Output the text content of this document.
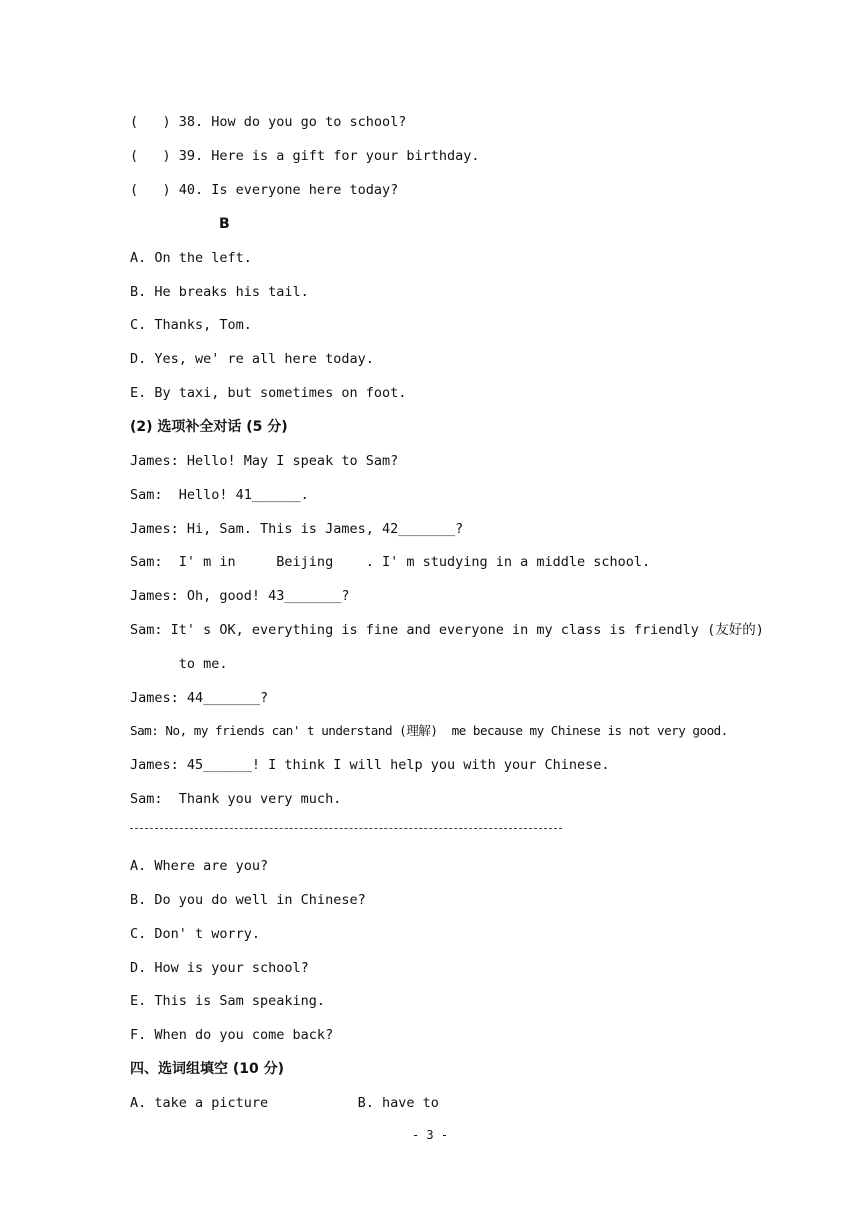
(   ) 38. How do you go to school?
(   ) 39. Here is a gift for your birthday.
(   ) 40. Is everyone here today?
B
A. On the left.
B. He breaks his tail.
C. Thanks, Tom.
D. Yes, we' re all here today.
E. By taxi, but sometimes on foot.
(2) 选项补全对话 (5 分)
James: Hello! May I speak to Sam?
Sam:  Hello! 41______.
James: Hi, Sam. This is James, 42_______?
Sam:  I' m in     Beijing    . I' m studying in a middle school.
James: Oh, good! 43_______?
Sam: It' s OK, everything is fine and everyone in my class is friendly (友好的)
to me.
James: 44_______?
Sam: No, my friends can' t understand (理解)  me because my Chinese is not very good.
James: 45______! I think I will help you with your Chinese.
Sam:  Thank you very much.
A. Where are you?
B. Do you do well in Chinese?
C. Don' t worry.
D. How is your school?
E. This is Sam speaking.
F. When do you come back?
四、选词组填空 (10 分)
A. take a picture           B. have to
- 3 -
